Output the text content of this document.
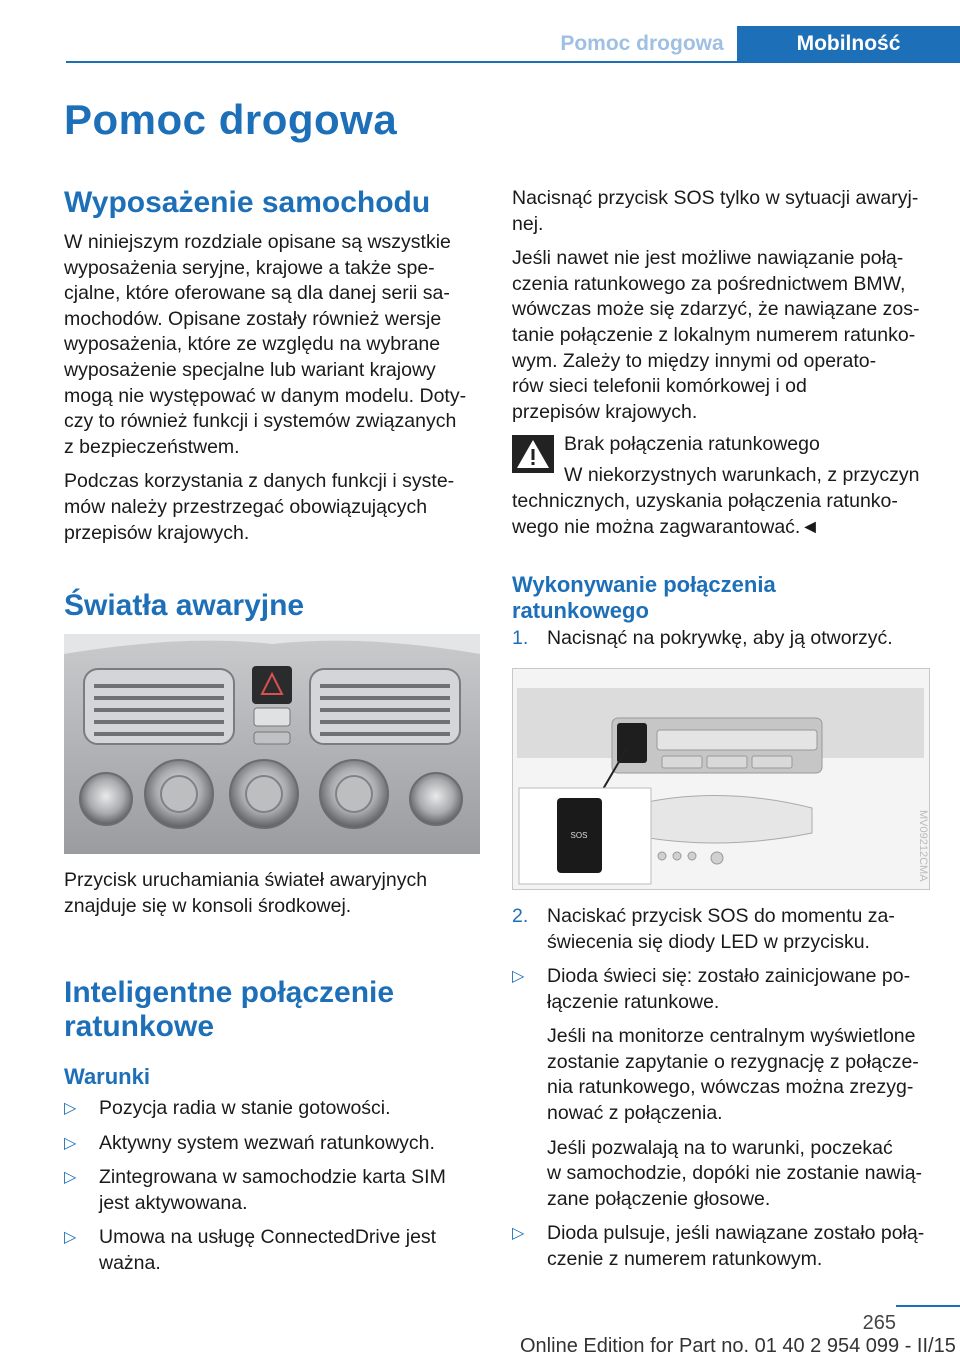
Pomoc drogowa	Mobilność
Pomoc drogowa
Wyposażenie samochodu
W niniejszym rozdziale opisane są wszystkie
wyposażenia seryjne, krajowe a także spe‐
cjalne, które oferowane są dla danej serii sa‐
mochodów. Opisane zostały również wersje
wyposażenia, które ze względu na wybrane
wyposażenie specjalne lub wariant krajowy
mogą nie występować w danym modelu. Doty‐
czy to również funkcji i systemów związanych
z bezpieczeństwem.
Podczas korzystania z danych funkcji i syste‐
mów należy przestrzegać obowiązujących
przepisów krajowych.
Światła awaryjne
Przycisk uruchamiania świateł awaryjnych
znajduje się w konsoli środkowej.
Inteligentne połączenie
ratunkowe
Warunki
▷ Pozycja radia w stanie gotowości.
▷ Aktywny system wezwań ratunkowych.
▷ Zintegrowana w samochodzie karta SIM
jest aktywowana.
▷ Umowa na usługę ConnectedDrive jest
ważna.
Nacisnąć przycisk SOS tylko w sytuacji awaryj‐
nej.
Jeśli nawet nie jest możliwe nawiązanie połą‐
czenia ratunkowego za pośrednictwem BMW,
wówczas może się zdarzyć, że nawiązane zos‐
tanie połączenie z lokalnym numerem ratunko‐
wym. Zależy to między innymi od operato‐
rów sieci telefonii komórkowej i od
przepisów krajowych.
Brak połączenia ratunkowego
W niekorzystnych warunkach, z przyczyn
technicznych, uzyskania połączenia ratunko‐
wego nie można zagwarantować.◄
Wykonywanie połączenia
ratunkowego
1. Nacisnąć na pokrywkę, aby ją otworzyć.
SOS	MV09212CMA
2. Naciskać przycisk SOS do momentu za‐
świecenia się diody LED w przycisku.
▷ Dioda świeci się: zostało zainicjowane po‐
łączenie ratunkowe.
Jeśli na monitorze centralnym wyświetlone
zostanie zapytanie o rezygnację z połącze‐
nia ratunkowego, wówczas można zrezyg‐
nować z połączenia.
Jeśli pozwalają na to warunki, poczekać
w samochodzie, dopóki nie zostanie nawią‐
zane połączenie głosowe.
▷ Dioda pulsuje, jeśli nawiązane zostało połą‐
czenie z numerem ratunkowym.
265
Online Edition for Part no. 01 40 2 954 099 - II/15
